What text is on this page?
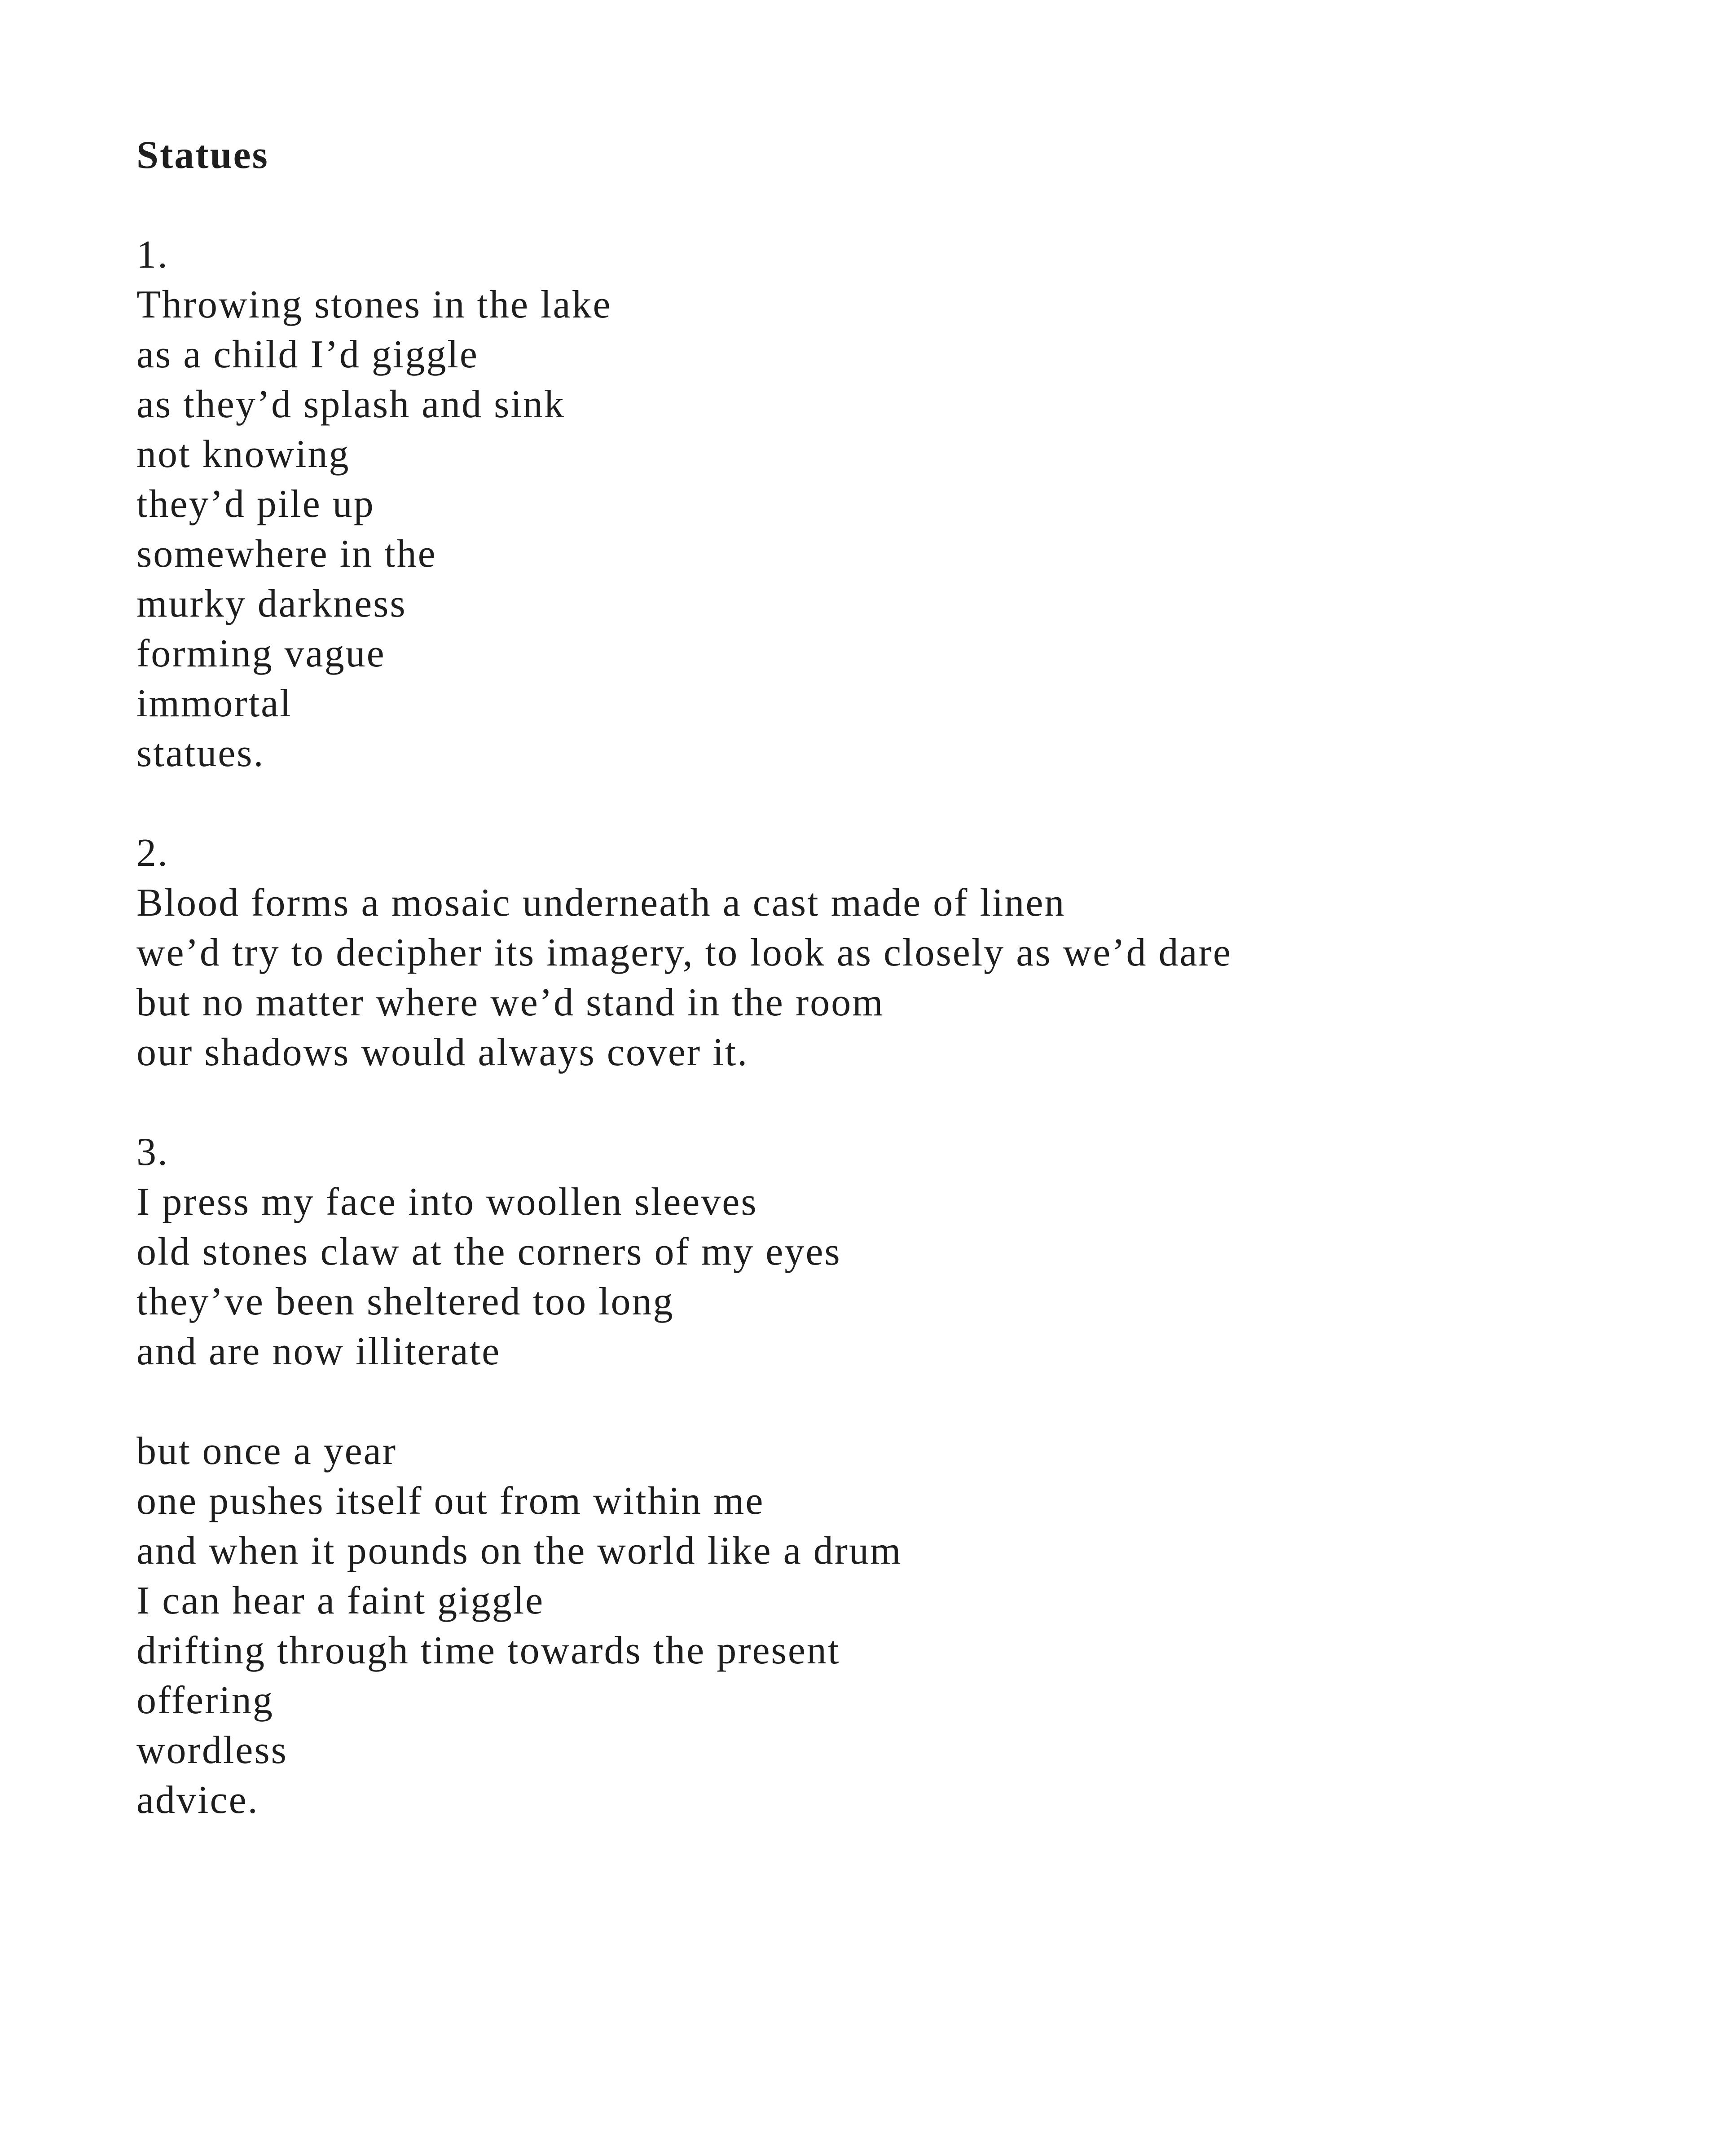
Statues
1.
Throwing stones in the lake
as a child I’d giggle
as they’d splash and sink
not knowing
they’d pile up
somewhere in the
murky darkness
forming vague
immortal
statues.
2.
Blood forms a mosaic underneath a cast made of linen
we’d try to decipher its imagery, to look as closely as we’d dare
but no matter where we’d stand in the room
our shadows would always cover it.
3.
I press my face into woollen sleeves
old stones claw at the corners of my eyes
they’ve been sheltered too long
and are now illiterate
but once a year
one pushes itself out from within me
and when it pounds on the world like a drum
I can hear a faint giggle
drifting through time towards the present
offering
wordless
advice.
